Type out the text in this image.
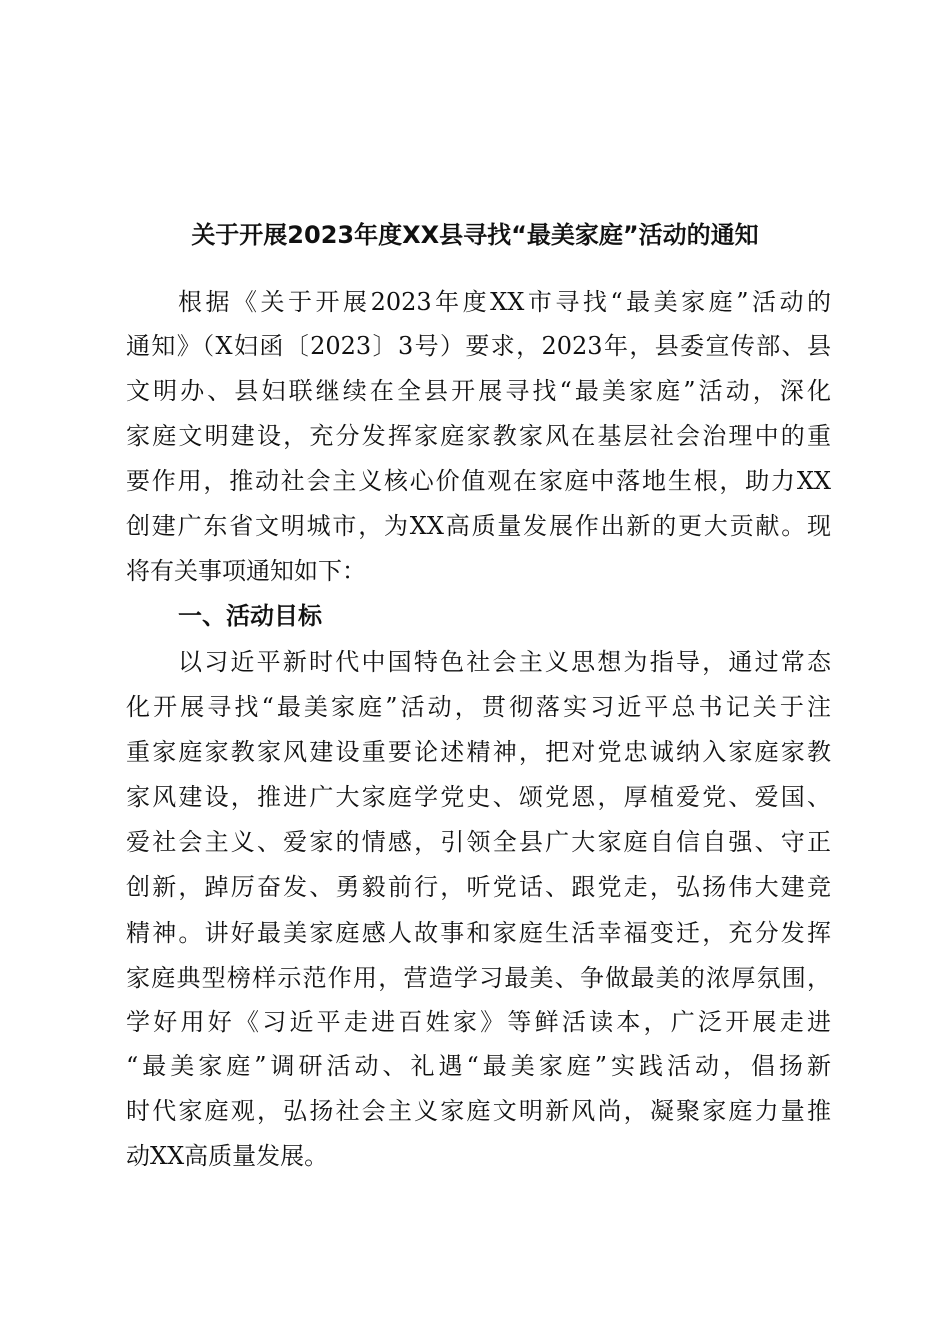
关于开展2023年度XX县寻找“最美家庭”活动的通知
根据《关于开展2023年度XX市寻找“最美家庭”活动的
通知》（X妇函〔2023〕3号）要求，2023年，县委宣传部、县
文明办、县妇联继续在全县开展寻找“最美家庭”活动，深化
家庭文明建设，充分发挥家庭家教家风在基层社会治理中的重
要作用，推动社会主义核心价值观在家庭中落地生根，助力XX
创建广东省文明城市，为XX高质量发展作出新的更大贡献。现
将有关事项通知如下：
一、活动目标
以习近平新时代中国特色社会主义思想为指导，通过常态
化开展寻找“最美家庭”活动，贯彻落实习近平总书记关于注
重家庭家教家风建设重要论述精神，把对党忠诚纳入家庭家教
家风建设，推进广大家庭学党史、颂党恩，厚植爱党、爱国、
爱社会主义、爱家的情感，引领全县广大家庭自信自强、守正
创新，踔厉奋发、勇毅前行，听党话、跟党走，弘扬伟大建竞
精神。讲好最美家庭感人故事和家庭生活幸福变迁，充分发挥
家庭典型榜样示范作用，营造学习最美、争做最美的浓厚氛围，
学好用好《习近平走进百姓家》等鲜活读本，广泛开展走进
“最美家庭”调研活动、礼遇“最美家庭”实践活动，倡扬新
时代家庭观，弘扬社会主义家庭文明新风尚，凝聚家庭力量推
动XX高质量发展。
